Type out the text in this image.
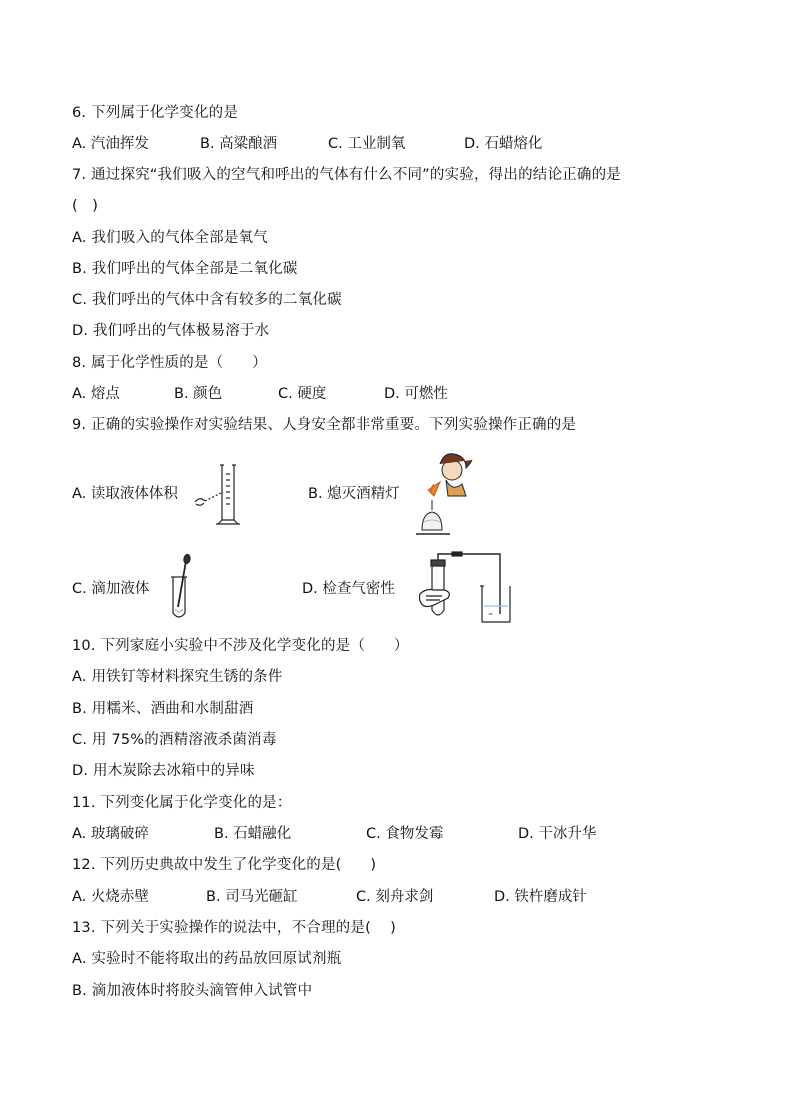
6. 下列属于化学变化的是
A. 汽油挥发	B. 高粱酿酒	C. 工业制氧	D. 石蜡熔化
7. 通过探究“我们吸入的空气和呼出的气体有什么不同”的实验，得出的结论正确的是
(   )
A. 我们吸入的气体全部是氧气
B. 我们呼出的气体全部是二氧化碳
C. 我们呼出的气体中含有较多的二氧化碳
D. 我们呼出的气体极易溶于水
8. 属于化学性质的是（      ）
A. 熔点	B. 颜色	C. 硬度	D. 可燃性
9. 正确的实验操作对实验结果、人身安全都非常重要。下列实验操作正确的是
A. 读取液体体积	B. 熄灭酒精灯
C. 滴加液体	D. 检查气密性
≈
10. 下列家庭小实验中不涉及化学变化的是（      ）
A. 用铁钉等材料探究生锈的条件
B. 用糯米、酒曲和水制甜酒
C. 用 75%的酒精溶液杀菌消毒
D. 用木炭除去冰箱中的异味
11. 下列变化属于化学变化的是：
A. 玻璃破碎	B. 石蜡融化	C. 食物发霉	D. 干冰升华
12. 下列历史典故中发生了化学变化的是(      )
A. 火烧赤壁	B. 司马光砸缸	C. 刻舟求剑	D. 铁杵磨成针
13. 下列关于实验操作的说法中，不合理的是(    )
A. 实验时不能将取出的药品放回原试剂瓶
B. 滴加液体时将胶头滴管伸入试管中
